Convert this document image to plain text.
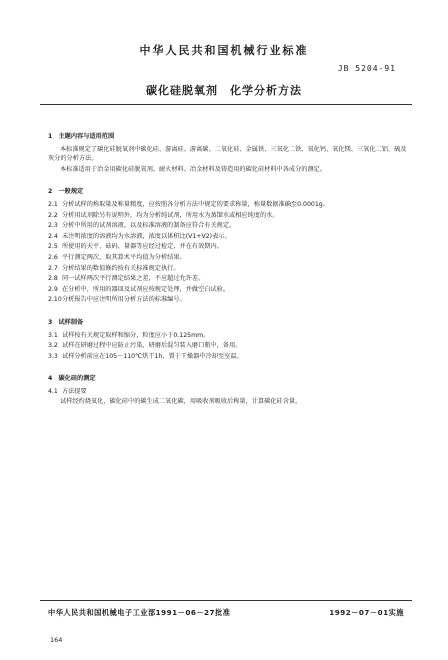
中华人民共和国机械行业标准
JB 5204-91
碳化硅脱氧剂　化学分析方法
1　主题内容与适用范围

本标准规定了碳化硅脱氧剂中碳化硅、游离硅、游离碳、二氧化硅、金属铁、三氧化二铁、氧化钙、氧化镁、三氧化二铝、硫及灰分的分析方法。

本标准适用于冶金用碳化硅脱氧剂、耐火材料、冶金材料及铸造用的碳化硅材料中各成分的测定。

2　一般规定
2.1 分析试样的称取量及称量精度，应按照各分析方法中规定的要求称量，称量数据准确至0.0001g。
2.2 分析用试剂除另有说明外，均为分析纯试剂，所用水为蒸馏水或相应纯度的水。
2.3 分析中所用的试剂溶液，以及标准溶液的制备应符合有关规定。
2.4 未注明浓度的溶液均为水溶液，浓度以体积比(V1+V2)表示。
2.5 所使用的天平、砝码、量器等应经过检定，并在有效期内。
2.6 平行测定两次，取其算术平均值为分析结果。
2.7 分析结果的数值修约按有关标准规定执行。
2.8 同一试样两次平行测定结果之差，不应超过允许差。
2.9 在分析中，所用的器皿及试剂应按规定处理，并做空白试验。
2.10分析报告中应注明所用分析方法的标准编号。
3　试样制备
3.1 试样按有关规定取样和缩分，粒度应小于0.125mm。
3.2 试样在研磨过程中应防止污染，研磨后混匀装入磨口瓶中，备用。
3.3 试样分析前应在105～110℃烘干1h，置于干燥器中冷却至室温。
4　碳化硅的测定
4.1 方法提要

试样经灼烧氧化，碳化硅中的碳生成二氧化碳，用吸收剂吸收后称量，计算碳化硅含量。

中华人民共和国机械电子工业部1991－06－27批准	1992－07－01实施
164
